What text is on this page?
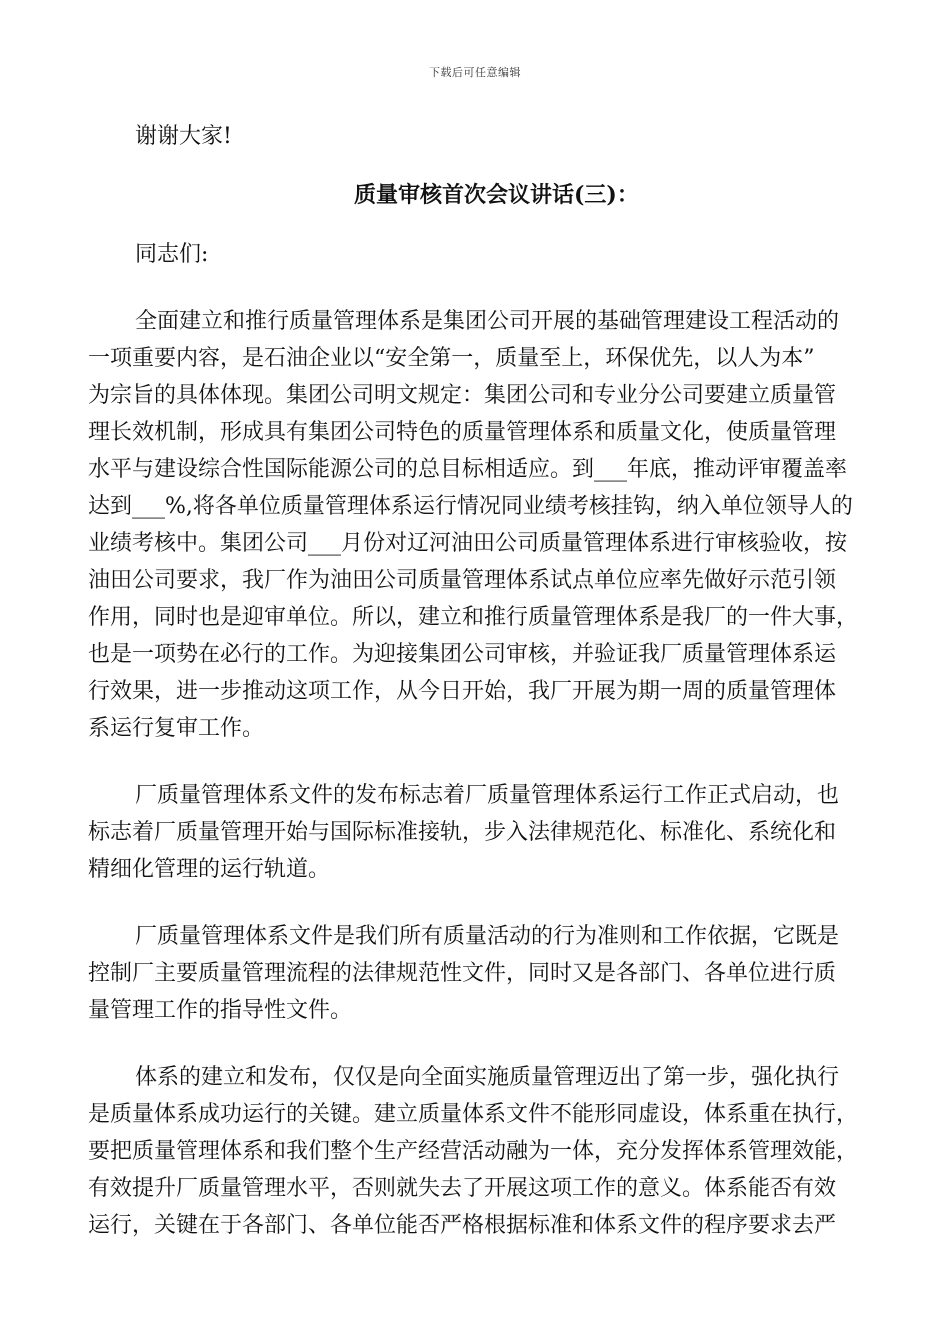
下载后可任意编辑

谢谢大家!

质量审核首次会议讲话(三)：

同志们:

全面建立和推行质量管理体系是集团公司开展的基础管理建设工程活动的

一项重要内容，是石油企业以“安全第一，质量至上，环保优先，以人为本”

为宗旨的具体体现。集团公司明文规定：集团公司和专业分公司要建立质量管

理长效机制，形成具有集团公司特色的质量管理体系和质量文化，使质量管理

水平与建设综合性国际能源公司的总目标相适应。到___年底，推动评审覆盖率

达到___%,将各单位质量管理体系运行情况同业绩考核挂钩，纳入单位领导人的

业绩考核中。集团公司___月份对辽河油田公司质量管理体系进行审核验收，按

油田公司要求，我厂作为油田公司质量管理体系试点单位应率先做好示范引领

作用，同时也是迎审单位。所以，建立和推行质量管理体系是我厂的一件大事，

也是一项势在必行的工作。为迎接集团公司审核，并验证我厂质量管理体系运

行效果，进一步推动这项工作，从今日开始，我厂开展为期一周的质量管理体

系运行复审工作。

厂质量管理体系文件的发布标志着厂质量管理体系运行工作正式启动，也

标志着厂质量管理开始与国际标准接轨，步入法律规范化、标准化、系统化和

精细化管理的运行轨道。

厂质量管理体系文件是我们所有质量活动的行为准则和工作依据，它既是

控制厂主要质量管理流程的法律规范性文件，同时又是各部门、各单位进行质

量管理工作的指导性文件。

体系的建立和发布，仅仅是向全面实施质量管理迈出了第一步，强化执行

是质量体系成功运行的关键。建立质量体系文件不能形同虚设，体系重在执行，

要把质量管理体系和我们整个生产经营活动融为一体，充分发挥体系管理效能，

有效提升厂质量管理水平，否则就失去了开展这项工作的意义。体系能否有效

运行，关键在于各部门、各单位能否严格根据标准和体系文件的程序要求去严
